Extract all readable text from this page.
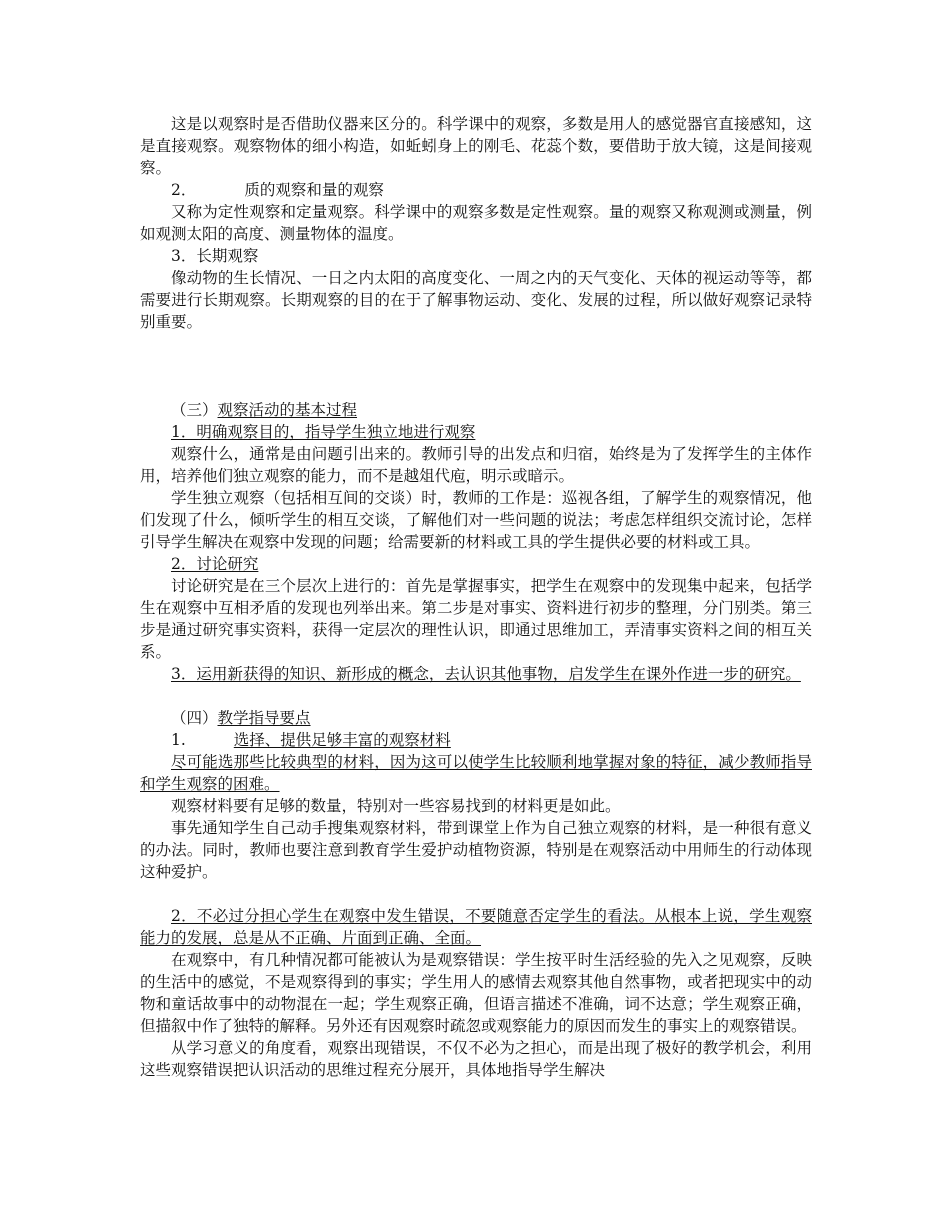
这是以观察时是否借助仪器来区分的。科学课中的观察，多数是用人的感觉器官直接感知，这是直接观察。观察物体的细小构造，如蚯蚓身上的刚毛、花蕊个数，要借助于放大镜，这是间接观察。

2．	质的观察和量的观察

又称为定性观察和定量观察。科学课中的观察多数是定性观察。量的观察又称观测或测量，例如观测太阳的高度、测量物体的温度。

3．长期观察

像动物的生长情况、一日之内太阳的高度变化、一周之内的天气变化、天体的视运动等等，都需要进行长期观察。长期观察的目的在于了解事物运动、变化、发展的过程，所以做好观察记录特别重要。

（三）观察活动的基本过程
1．明确观察目的，指导学生独立地进行观察

观察什么，通常是由问题引出来的。教师引导的出发点和归宿，始终是为了发挥学生的主体作用，培养他们独立观察的能力，而不是越俎代庖，明示或暗示。

学生独立观察（包括相互间的交谈）时，教师的工作是：巡视各组，了解学生的观察情况，他们发现了什么，倾听学生的相互交谈，了解他们对一些问题的说法；考虑怎样组织交流讨论，怎样引导学生解决在观察中发现的问题；给需要新的材料或工具的学生提供必要的材料或工具。

2．讨论研究

讨论研究是在三个层次上进行的：首先是掌握事实，把学生在观察中的发现集中起来，包括学生在观察中互相矛盾的发现也列举出来。第二步是对事实、资料进行初步的整理，分门别类。第三步是通过研究事实资料，获得一定层次的理性认识，即通过思维加工，弄清事实资料之间的相互关系。

3．运用新获得的知识、新形成的概念，去认识其他事物，启发学生在课外作进一步的研究。

（四）教学指导要点
1.	选择、提供足够丰富的观察材料

尽可能选那些比较典型的材料，因为这可以使学生比较顺利地掌握对象的特征，减少教师指导和学生观察的困难。

观察材料要有足够的数量，特别对一些容易找到的材料更是如此。

事先通知学生自己动手搜集观察材料，带到课堂上作为自己独立观察的材料，是一种很有意义的办法。同时，教师也要注意到教育学生爱护动植物资源，特别是在观察活动中用师生的行动体现这种爱护。

2．不必过分担心学生在观察中发生错误，不要随意否定学生的看法。从根本上说，学生观察能力的发展，总是从不正确、片面到正确、全面。

在观察中，有几种情况都可能被认为是观察错误：学生按平时生活经验的先入之见观察，反映的生活中的感觉，不是观察得到的事实；学生用人的感情去观察其他自然事物，或者把现实中的动物和童话故事中的动物混在一起；学生观察正确，但语言描述不准确，词不达意；学生观察正确，但描叙中作了独特的解释。另外还有因观察时疏忽或观察能力的原因而发生的事实上的观察错误。

从学习意义的角度看，观察出现错误，不仅不必为之担心，而是出现了极好的教学机会，利用这些观察错误把认识活动的思维过程充分展开，具体地指导学生解决
